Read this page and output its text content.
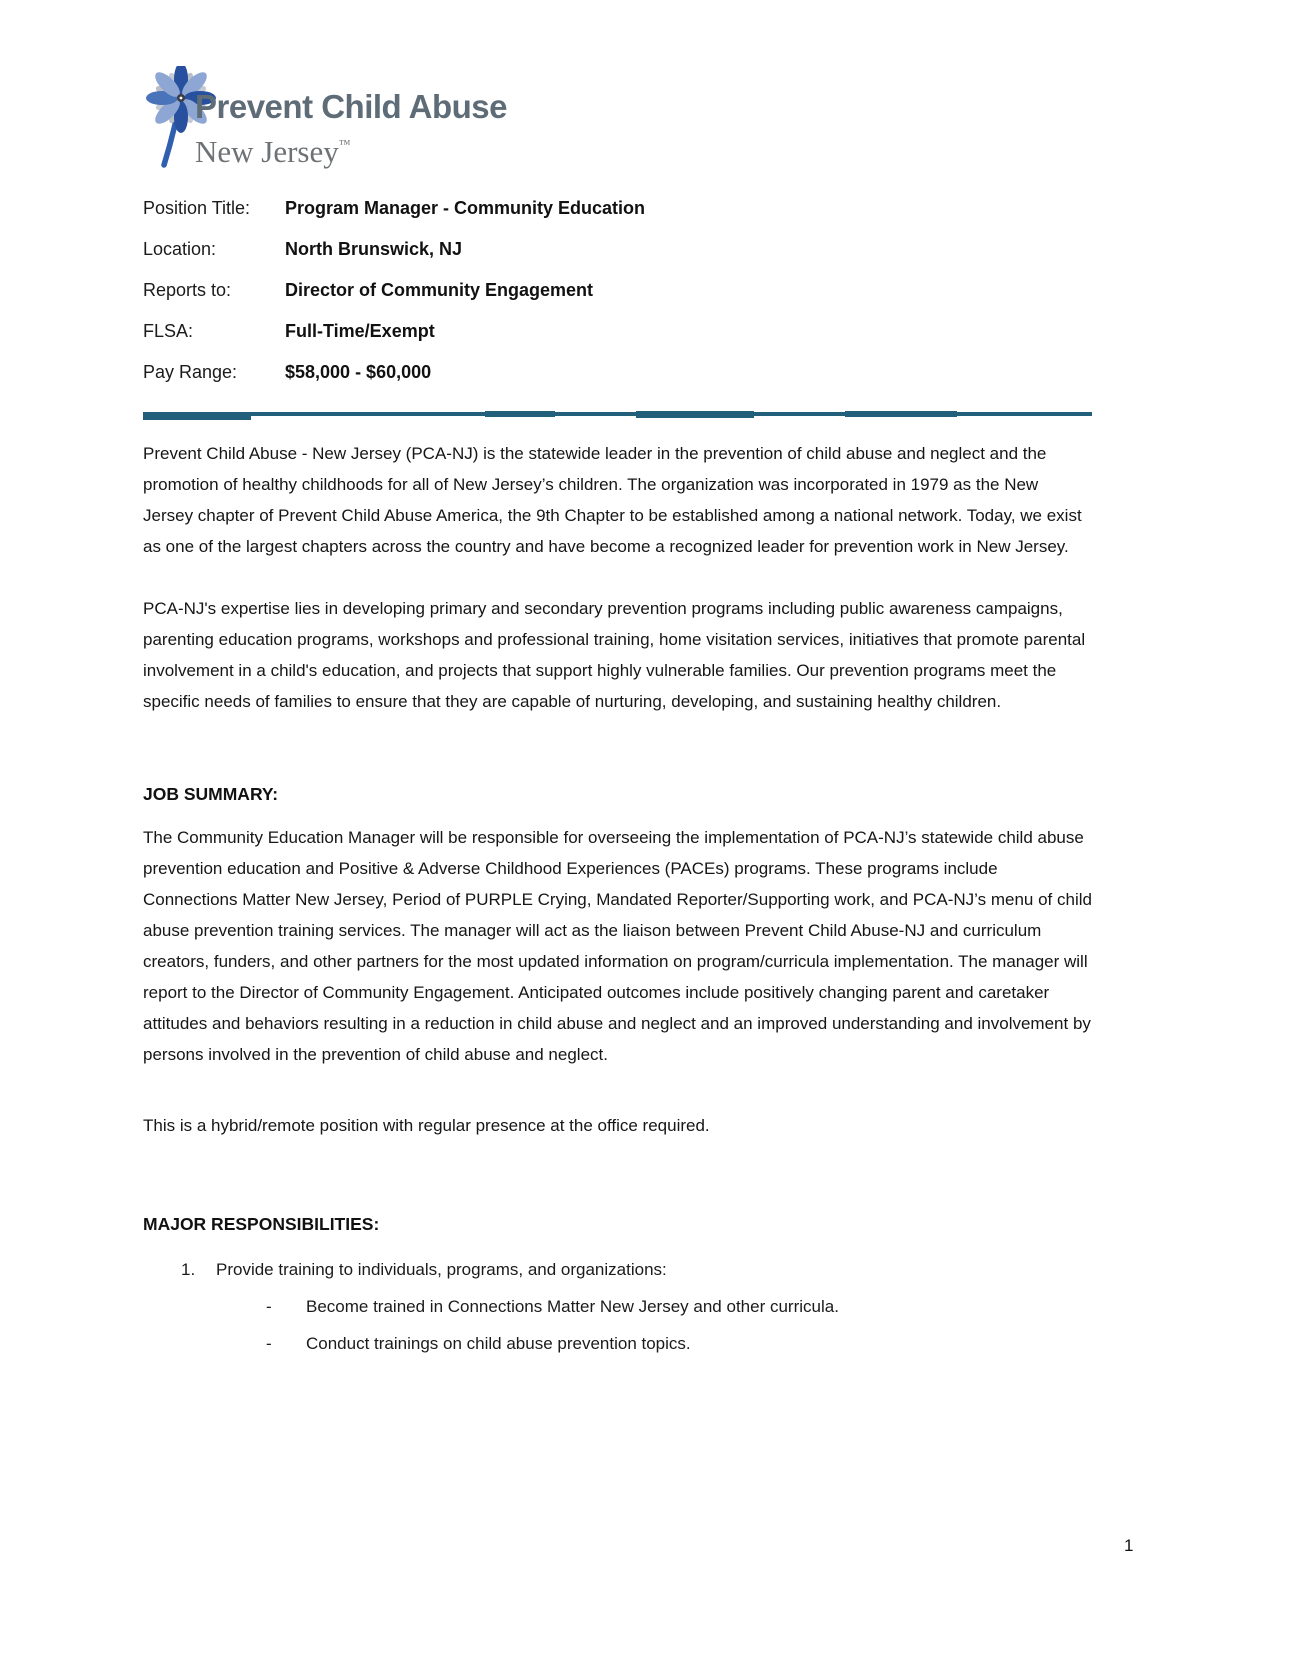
Prevent Child Abuse
New Jersey™
Position Title:	Program Manager - Community Education
Location:	North Brunswick, NJ
Reports to:	Director of Community Engagement
FLSA:	Full-Time/Exempt
Pay Range:	$58,000 - $60,000
Prevent Child Abuse - New Jersey (PCA-NJ) is the statewide leader in the prevention of child abuse and neglect and the promotion of healthy childhoods for all of New Jersey’s children. The organization was incorporated in 1979 as the New Jersey chapter of Prevent Child Abuse America, the 9th Chapter to be established among a national network. Today, we exist as one of the largest chapters across the country and have become a recognized leader for prevention work in New Jersey.
PCA-NJ's expertise lies in developing primary and secondary prevention programs including public awareness campaigns, parenting education programs, workshops and professional training, home visitation services, initiatives that promote parental involvement in a child's education, and projects that support highly vulnerable families. Our prevention programs meet the specific needs of families to ensure that they are capable of nurturing, developing, and sustaining healthy children.
JOB SUMMARY:
The Community Education Manager will be responsible for overseeing the implementation of PCA-NJ’s statewide child abuse prevention education and Positive & Adverse Childhood Experiences (PACEs) programs. These programs include Connections Matter New Jersey, Period of PURPLE Crying, Mandated Reporter/Supporting work, and PCA-NJ’s menu of child abuse prevention training services. The manager will act as the liaison between Prevent Child Abuse-NJ and curriculum creators, funders, and other partners for the most updated information on program/curricula implementation. The manager will report to the Director of Community Engagement. Anticipated outcomes include positively changing parent and caretaker attitudes and behaviors resulting in a reduction in child abuse and neglect and an improved understanding and involvement by persons involved in the prevention of child abuse and neglect.
This is a hybrid/remote position with regular presence at the office required.
MAJOR RESPONSIBILITIES:
1.	Provide training to individuals, programs, and organizations:
-	Become trained in Connections Matter New Jersey and other curricula.
-	Conduct trainings on child abuse prevention topics.
1
